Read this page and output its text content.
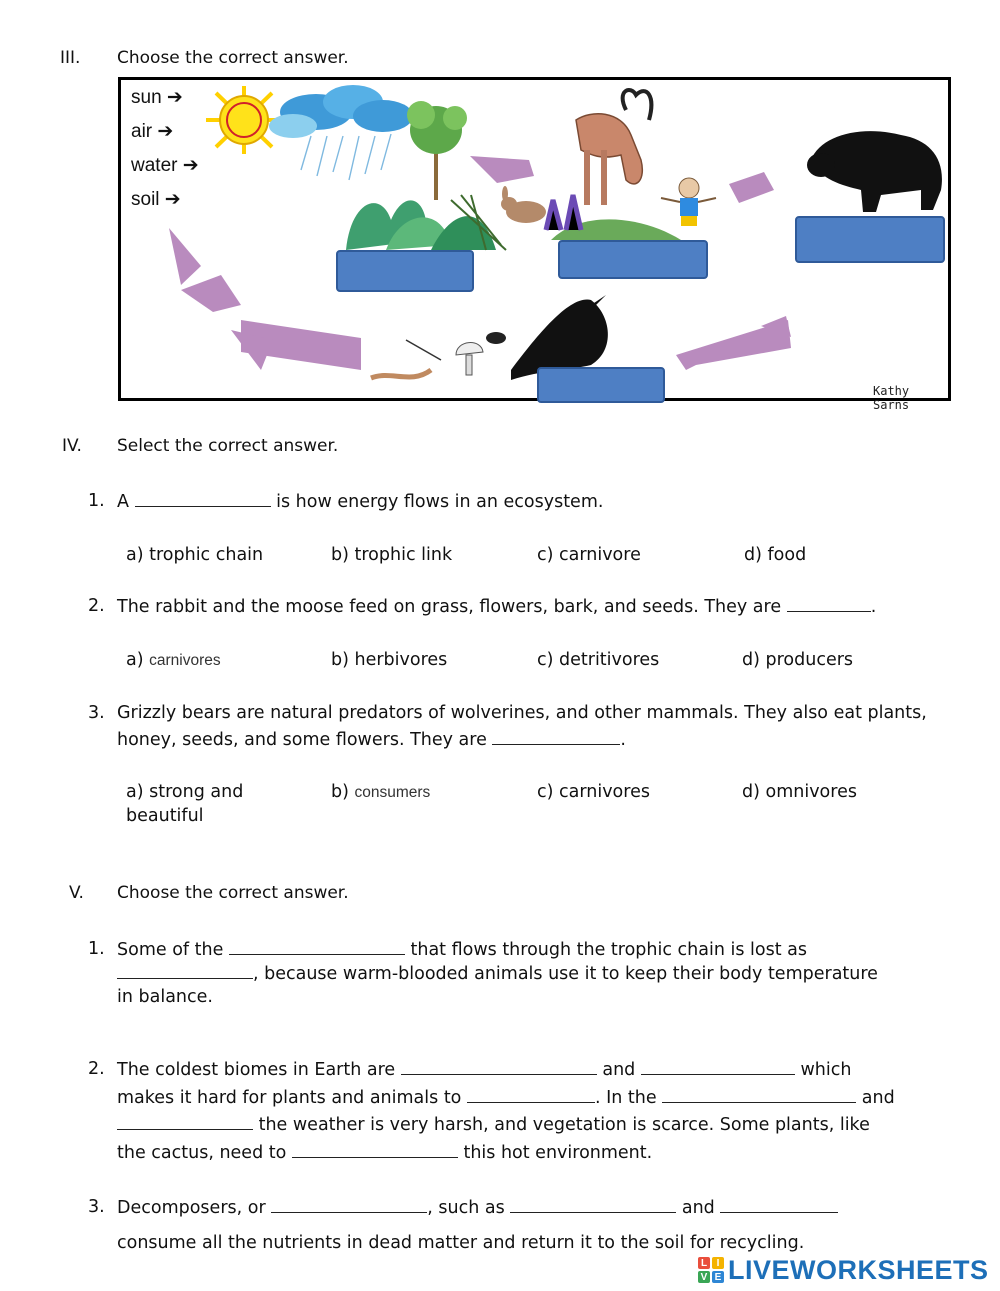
III. Choose the correct answer.
sun ➔
air ➔
water ➔
soil ➔
Kathy Sarns
IV. Select the correct answer.
1. A	is how energy flows in an ecosystem.
a) trophic chain	b) trophic link	c) carnivore	d) food
2. The rabbit and the moose feed on grass, flowers, bark, and seeds. They are	.
a) carnivores	b) herbivores	c) detritivores	d) producers
3. Grizzly bears are natural predators of wolverines, and other mammals. They also eat plants,
honey, seeds, and some flowers. They are	.
a) strong and
beautiful
b) consumers	c) carnivores	d) omnivores
V. Choose the correct answer.
1. Some of the	that flows through the trophic chain is lost as
, because warm-blooded animals use it to keep their body temperature
in balance.
2. The coldest biomes in Earth are	and	which
makes it hard for plants and animals to	. In the	and
the weather is very harsh, and vegetation is scarce. Some plants, like
the cactus, need to	this hot environment.
3. Decomposers, or	, such as	and
consume all the nutrients in dead matter and return it to the soil for recycling.
L I
V E LIVEWORKSHEETS
